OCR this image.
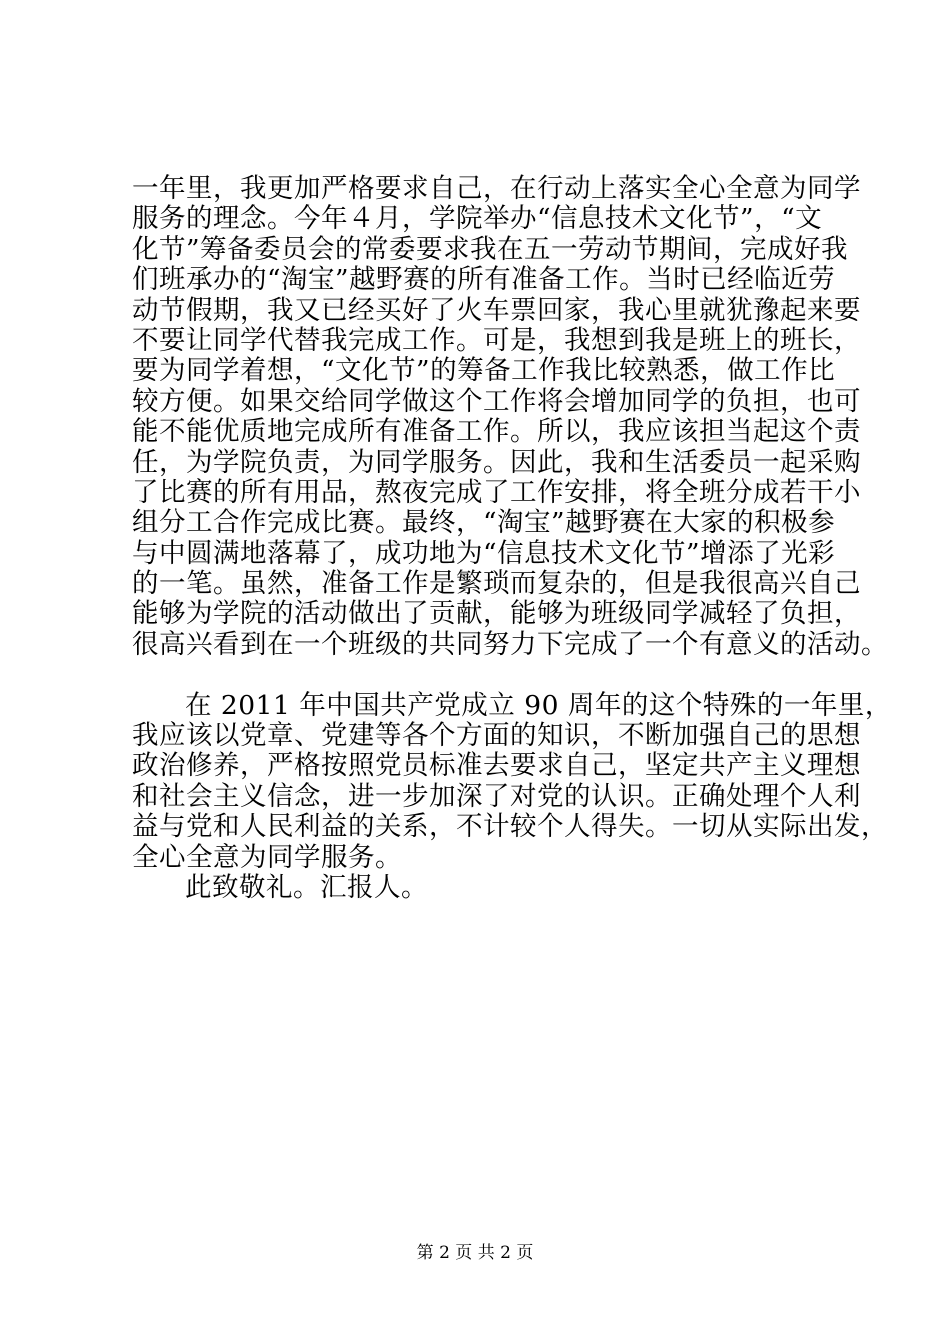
一年里，我更加严格要求自己，在行动上落实全心全意为同学
服务的理念。今年４月，学院举办“信息技术文化节”，“文
化节”筹备委员会的常委要求我在五一劳动节期间，完成好我
们班承办的“淘宝”越野赛的所有准备工作。当时已经临近劳
动节假期，我又已经买好了火车票回家，我心里就犹豫起来要
不要让同学代替我完成工作。可是，我想到我是班上的班长，
要为同学着想，“文化节”的筹备工作我比较熟悉，做工作比
较方便。如果交给同学做这个工作将会增加同学的负担，也可
能不能优质地完成所有准备工作。所以，我应该担当起这个责
任，为学院负责，为同学服务。因此，我和生活委员一起采购
了比赛的所有用品，熬夜完成了工作安排，将全班分成若干小
组分工合作完成比赛。最终，“淘宝”越野赛在大家的积极参
与中圆满地落幕了，成功地为“信息技术文化节”增添了光彩
的一笔。虽然，准备工作是繁琐而复杂的，但是我很高兴自己
能够为学院的活动做出了贡献，能够为班级同学减轻了负担，
很高兴看到在一个班级的共同努力下完成了一个有意义的活动。
在 2011 年中国共产党成立 90 周年的这个特殊的一年里，
我应该以党章、党建等各个方面的知识，不断加强自己的思想
政治修养，严格按照党员标准去要求自己，坚定共产主义理想
和社会主义信念，进一步加深了对党的认识。正确处理个人利
益与党和人民利益的关系，不计较个人得失。一切从实际出发，
全心全意为同学服务。
此致敬礼。汇报人。
第 2 页 共 2 页
